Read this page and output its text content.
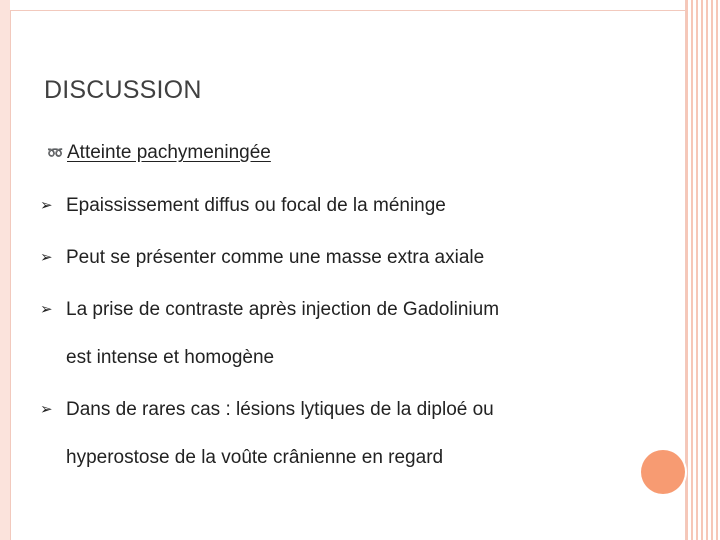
DISCUSSION
➿ Atteinte pachymeningée
➢ Epaississement diffus ou focal de la méninge
➢ Peut se présenter comme une masse extra axiale
➢ La prise de contraste après injection de Gadolinium
est intense et homogène
➢ Dans de rares cas : lésions lytiques de la diploé ou
hyperostose de la voûte crânienne en regard
